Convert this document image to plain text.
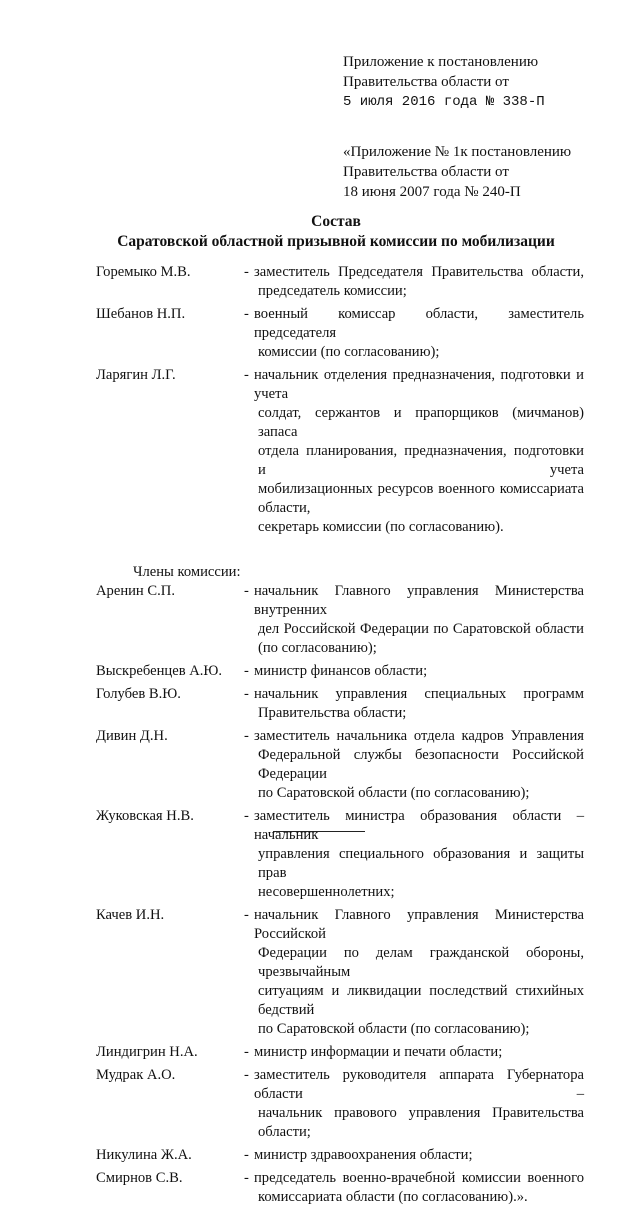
Приложение к постановлению
Правительства области от
5 июля 2016 года № 338-П
«Приложение № 1к постановлению
Правительства области от
18 июня 2007 года № 240-П
Состав
Саратовской областной призывной комиссии по мобилизации
Горемыко М.В.	- заместитель Председателя Правительства области,
председатель комиссии;
Шебанов Н.П.	- военный комиссар области, заместитель председателя
комиссии (по согласованию);
Ларягин Л.Г.	- начальник отделения предназначения, подготовки и учета
солдат, сержантов и прапорщиков (мичманов) запаса
отдела планирования, предназначения, подготовки и учета
мобилизационных ресурсов военного комиссариата области,
секретарь комиссии (по согласованию).
Члены комиссии:
Аренин С.П.	- начальник Главного управления Министерства внутренних
дел Российской Федерации по Саратовской области
(по согласованию);
Выскребенцев А.Ю.	- министр финансов области;
Голубев В.Ю.	- начальник управления специальных программ
Правительства области;
Дивин Д.Н.	- заместитель начальника отдела кадров Управления
Федеральной службы безопасности Российской Федерации
по Саратовской области (по согласованию);
Жуковская Н.В.	- заместитель министра образования области – начальник
управления специального образования и защиты прав
несовершеннолетних;
Качев И.Н.	- начальник Главного управления Министерства Российской
Федерации по делам гражданской обороны, чрезвычайным
ситуациям и ликвидации последствий стихийных бедствий
по Саратовской области (по согласованию);
Линдигрин Н.А.	- министр информации и печати области;
Мудрак А.О.	- заместитель руководителя аппарата Губернатора области –
начальник правового управления Правительства области;
Никулина Ж.А.	- министр здравоохранения области;
Смирнов С.В.	- председатель военно-врачебной комиссии военного
комиссариата области (по согласованию).».
